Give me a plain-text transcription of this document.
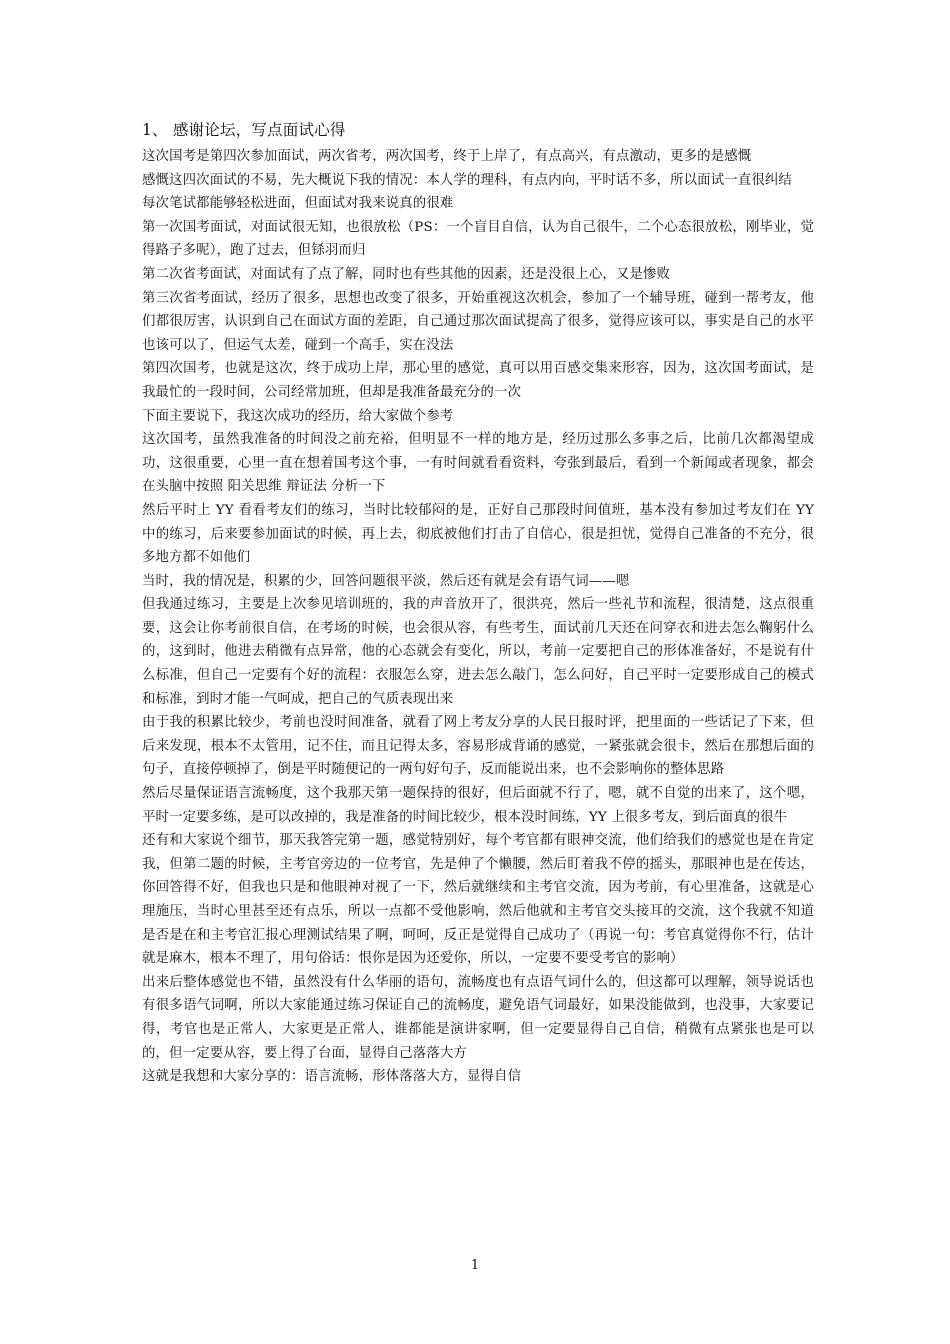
1、 感谢论坛，写点面试心得

这次国考是第四次参加面试，两次省考，两次国考，终于上岸了，有点高兴，有点激动，更多的是感慨

感慨这四次面试的不易，先大概说下我的情况：本人学的理科，有点内向，平时话不多，所以面试一直很纠结

每次笔试都能够轻松进面，但面试对我来说真的很难

第一次国考面试，对面试很无知，也很放松（PS：一个盲目自信，认为自己很牛，二个心态很放松，刚毕业，觉得路子多呢），跑了过去，但铩羽而归

第二次省考面试，对面试有了点了解，同时也有些其他的因素，还是没很上心，又是惨败

第三次省考面试，经历了很多，思想也改变了很多，开始重视这次机会，参加了一个辅导班，碰到一帮考友，他们都很厉害，认识到自己在面试方面的差距，自己通过那次面试提高了很多，觉得应该可以，事实是自己的水平也该可以了，但运气太差，碰到一个高手，实在没法

第四次国考，也就是这次，终于成功上岸，那心里的感觉，真可以用百感交集来形容，因为，这次国考面试，是我最忙的一段时间，公司经常加班，但却是我准备最充分的一次

下面主要说下，我这次成功的经历，给大家做个参考

这次国考，虽然我准备的时间没之前充裕，但明显不一样的地方是，经历过那么多事之后，比前几次都渴望成功，这很重要，心里一直在想着国考这个事，一有时间就看看资料，夸张到最后，看到一个新闻或者现象，都会在头脑中按照 阳关思维 辩证法 分析一下

然后平时上 YY 看看考友们的练习，当时比较郁闷的是，正好自己那段时间值班，基本没有参加过考友们在 YY 中的练习，后来要参加面试的时候，再上去，彻底被他们打击了自信心，很是担忧，觉得自己准备的不充分，很多地方都不如他们

当时，我的情况是，积累的少，回答问题很平淡，然后还有就是会有语气词——嗯

但我通过练习，主要是上次参见培训班的，我的声音放开了，很洪亮，然后一些礼节和流程，很清楚，这点很重要，这会让你考前很自信，在考场的时候，也会很从容，有些考生，面试前几天还在问穿衣和进去怎么鞠躬什么的，这到时，他进去稍微有点异常，他的心态就会有变化，所以，考前一定要把自己的形体准备好，不是说有什么标准，但自己一定要有个好的流程：衣服怎么穿，进去怎么敲门，怎么问好，自己平时一定要形成自己的模式和标准，到时才能一气呵成，把自己的气质表现出来

由于我的积累比较少，考前也没时间准备，就看了网上考友分享的人民日报时评，把里面的一些话记了下来，但后来发现，根本不太管用，记不住，而且记得太多，容易形成背诵的感觉，一紧张就会很卡，然后在那想后面的句子，直接停顿掉了，倒是平时随便记的一两句好句子，反而能说出来，也不会影响你的整体思路

然后尽量保证语言流畅度，这个我那天第一题保持的很好，但后面就不行了，嗯，就不自觉的出来了，这个嗯，平时一定要多练，是可以改掉的，我是准备的时间比较少，根本没时间练，YY 上很多考友，到后面真的很牛

还有和大家说个细节，那天我答完第一题，感觉特别好，每个考官都有眼神交流，他们给我们的感觉也是在肯定我，但第二题的时候，主考官旁边的一位考官，先是伸了个懒腰，然后盯着我不停的摇头，那眼神也是在传达，你回答得不好，但我也只是和他眼神对视了一下，然后就继续和主考官交流，因为考前，有心里准备，这就是心理施压，当时心里甚至还有点乐，所以一点都不受他影响，然后他就和主考官交头接耳的交流，这个我就不知道是否是在和主考官汇报心理测试结果了啊，呵呵，反正是觉得自己成功了（再说一句：考官真觉得你不行，估计就是麻木，根本不理了，用句俗话：恨你是因为还爱你，所以，一定要不要受考官的影响）

出来后整体感觉也不错，虽然没有什么华丽的语句，流畅度也有点语气词什么的，但这都可以理解，领导说话也有很多语气词啊，所以大家能通过练习保证自己的流畅度，避免语气词最好，如果没能做到，也没事，大家要记得，考官也是正常人，大家更是正常人，谁都能是演讲家啊，但一定要显得自己自信，稍微有点紧张也是可以的，但一定要从容，要上得了台面，显得自己落落大方

这就是我想和大家分享的：语言流畅，形体落落大方，显得自信

1
